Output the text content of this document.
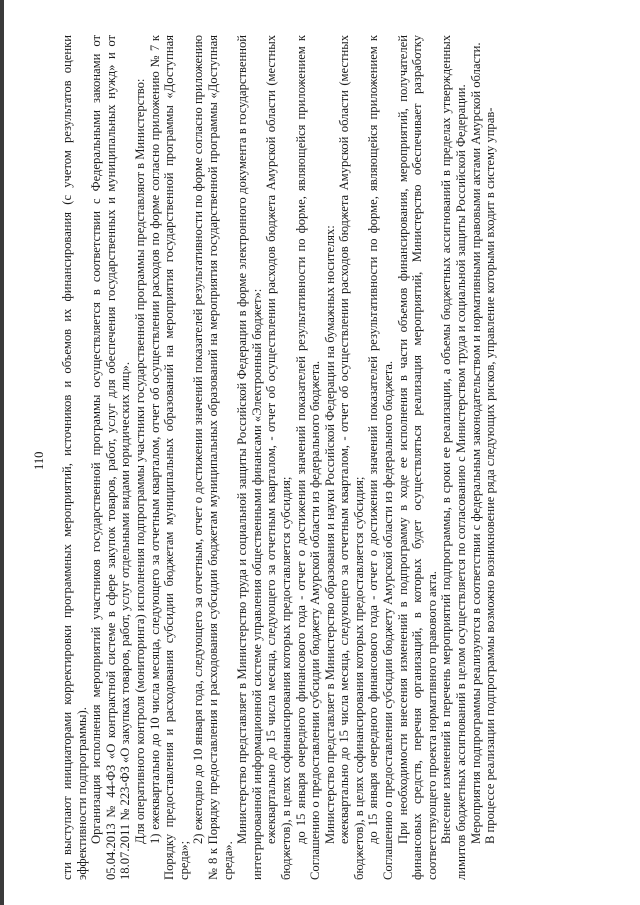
110 сти выступают инициаторами корректировки программных мероприятий, источников и объемов их финансирования (с учетом результатов оценки эффективности подпрограммы). Организация исполнения мероприятий участников государственной программы осуществляется в соответствии с Федеральными законами от 05.04.2013 № 44-ФЗ «О контрактной системе в сфере закупок товаров, работ, услуг для обеспечения государственных и муниципальных нужд» и от 18.07.2011 № 223-ФЗ «О закупках товаров, работ, услуг отдельными видами юридических лиц». Для оперативного контроля (мониторинга) исполнения подпрограммы участники государственной программы представляют в Министерство: 1) ежеквартально до 10 числа месяца, следующего за отчетным кварталом, отчет об осуществлении расходов по форме согласно приложению № 7 к Порядку предоставления и расходования субсидии бюджетам муниципальных образований на мероприятия государственной программы «Доступная среда»;

2) ежегодно до 10 января года, следующего за отчетным, отчет о достижении значений показателей результативности по форме согласно приложению № 8 к Порядку предоставления и расходования субсидии бюджетам муниципальных образований на мероприятия государственной программы «Доступная среда».

Министерство представляет в Министерство труда и социальной защиты Российской Федерации в форме электронного документа в государственной интегрированной информационной системе управления общественными финансами «Электронный бюджет»: ежеквартально до 15 числа месяца, следующего за отчетным кварталом, - отчет об осуществлении расходов бюджета Амурской области (местных бюджетов), в целях софинансирования которых предоставляется субсидия; до 15 января очередного финансового года - отчет о достижении значений показателей результативности по форме, являющейся приложением к Соглашению о предоставлении субсидии бюджету Амурской области из федерального бюджета. Министерство представляет в Министерство образования и науки Российской Федерации на бумажных носителях: ежеквартально до 15 числа месяца, следующего за отчетным кварталом, - отчет об осуществлении расходов бюджета Амурской области (местных бюджетов), в целях софинансирования которых предоставляется субсидия; до 15 января очередного финансового года - отчет о достижении значений показателей результативности по форме, являющейся приложением к Соглашению о предоставлении субсидии бюджету Амурской области из федерального бюджета. При необходимости внесения изменений в подпрограмму в ходе ее исполнения в части объемов финансирования, мероприятий, получателей финансовых средств, перечня организаций, в которых будет осуществляться реализация мероприятий, Министерство обеспечивает разработку соответствующего проекта нормативного правового акта. Внесение изменений в перечень мероприятий подпрограммы, в сроки ее реализации, а объемы бюджетных ассигнований в пределах утвержденных лимитов бюджетных ассигнований в целом осуществляется по согласованию с Министерством труда и социальной защиты Российской Федерации. Мероприятия подпрограммы реализуются в соответствии с федеральным законодательством и нормативными правовыми актами Амурской области. В процессе реализации подпрограммы возможно возникновение ряда следующих рисков, управление которыми входит в систему управ-
